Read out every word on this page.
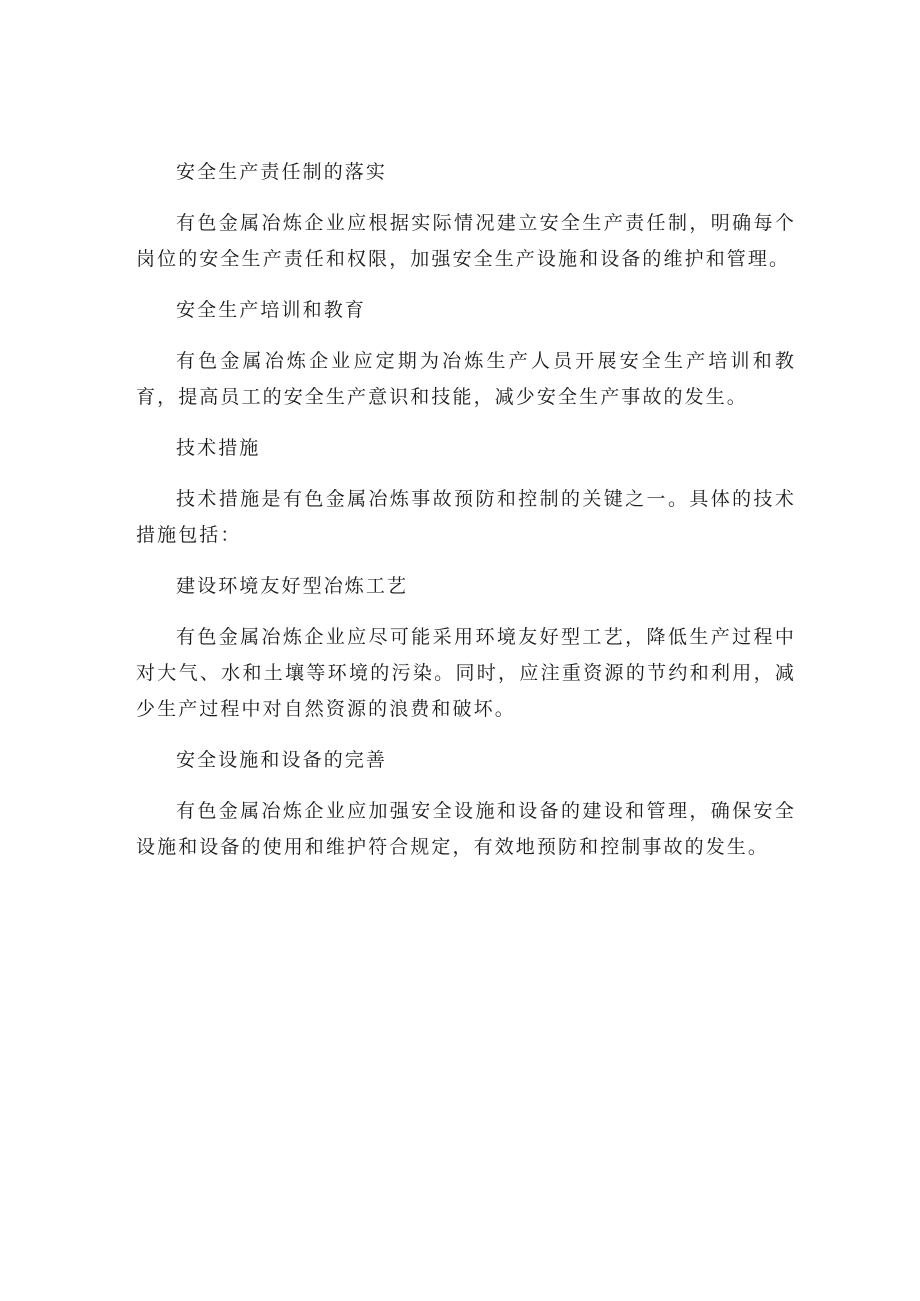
安全生产责任制的落实

有色金属冶炼企业应根据实际情况建立安全生产责任制，明确每个岗位的安全生产责任和权限，加强安全生产设施和设备的维护和管理。

安全生产培训和教育

有色金属冶炼企业应定期为冶炼生产人员开展安全生产培训和教育，提高员工的安全生产意识和技能，减少安全生产事故的发生。

技术措施

技术措施是有色金属冶炼事故预防和控制的关键之一。具体的技术措施包括：

建设环境友好型冶炼工艺

有色金属冶炼企业应尽可能采用环境友好型工艺，降低生产过程中对大气、水和土壤等环境的污染。同时，应注重资源的节约和利用，减少生产过程中对自然资源的浪费和破坏。

安全设施和设备的完善

有色金属冶炼企业应加强安全设施和设备的建设和管理，确保安全设施和设备的使用和维护符合规定，有效地预防和控制事故的发生。
